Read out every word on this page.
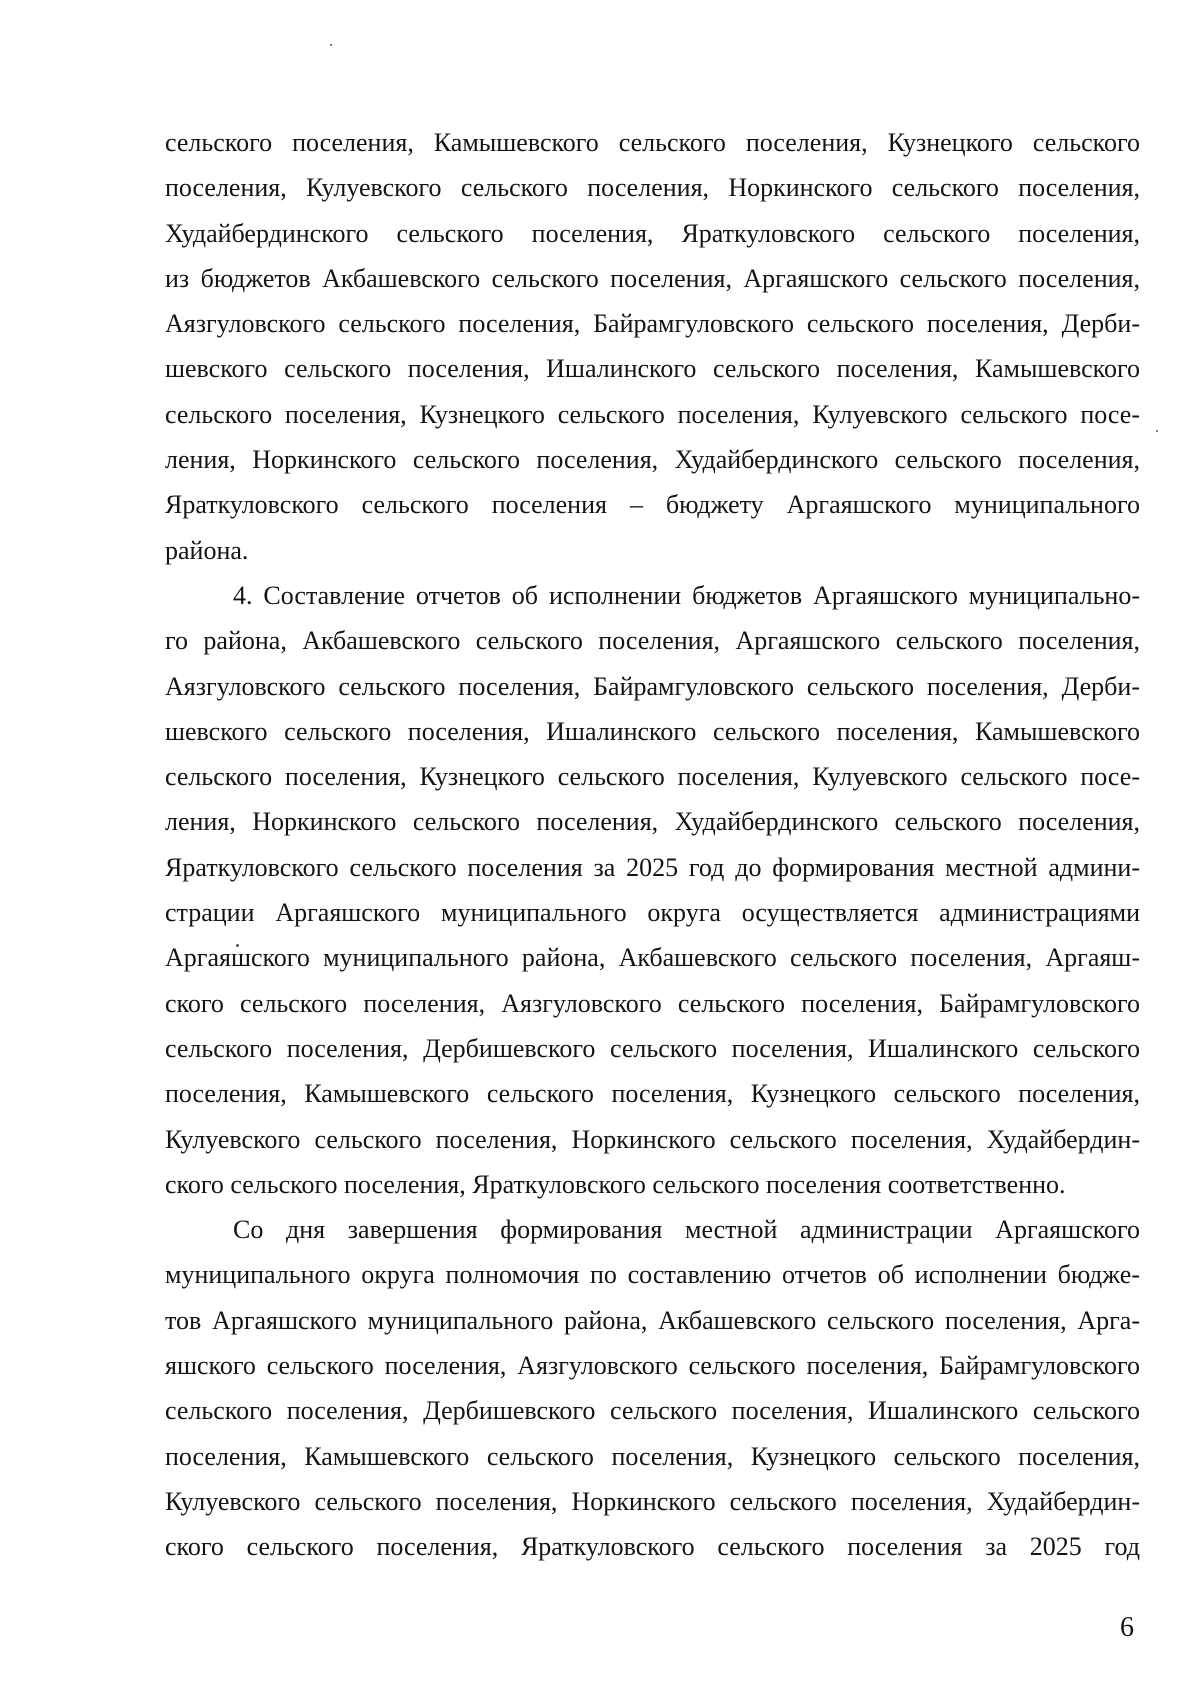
сельского поселения, Камышевского сельского поселения, Кузнецкого сельского
поселения, Кулуевского сельского поселения, Норкинского сельского поселения,
Худайбердинского сельского поселения, Яраткуловского сельского поселения,
из бюджетов Акбашевского сельского поселения, Аргаяшского сельского поселения,
Аязгуловского сельского поселения, Байрамгуловского сельского поселения, Дерби-
шевского сельского поселения, Ишалинского сельского поселения, Камышевского
сельского поселения, Кузнецкого сельского поселения, Кулуевского сельского посе-
ления, Норкинского сельского поселения, Худайбердинского сельского поселения,
Яраткуловского сельского поселения – бюджету Аргаяшского муниципального
района.
4. Составление отчетов об исполнении бюджетов Аргаяшского муниципально-
го района, Акбашевского сельского поселения, Аргаяшского сельского поселения,
Аязгуловского сельского поселения, Байрамгуловского сельского поселения, Дерби-
шевского сельского поселения, Ишалинского сельского поселения, Камышевского
сельского поселения, Кузнецкого сельского поселения, Кулуевского сельского посе-
ления, Норкинского сельского поселения, Худайбердинского сельского поселения,
Яраткуловского сельского поселения за 2025 год до формирования местной админи-
страции Аргаяшского муниципального округа осуществляется администрациями
Аргаяшского муниципального района, Акбашевского сельского поселения, Аргаяш-
ского сельского поселения, Аязгуловского сельского поселения, Байрамгуловского
сельского поселения, Дербишевского сельского поселения, Ишалинского сельского
поселения, Камышевского сельского поселения, Кузнецкого сельского поселения,
Кулуевского сельского поселения, Норкинского сельского поселения, Худайбердин-
ского сельского поселения, Яраткуловского сельского поселения соответственно.
Со дня завершения формирования местной администрации Аргаяшского
муниципального округа полномочия по составлению отчетов об исполнении бюдже-
тов Аргаяшского муниципального района, Акбашевского сельского поселения, Арга-
яшского сельского поселения, Аязгуловского сельского поселения, Байрамгуловского
сельского поселения, Дербишевского сельского поселения, Ишалинского сельского
поселения, Камышевского сельского поселения, Кузнецкого сельского поселения,
Кулуевского сельского поселения, Норкинского сельского поселения, Худайбердин-
ского сельского поселения, Яраткуловского сельского поселения за 2025 год
6
